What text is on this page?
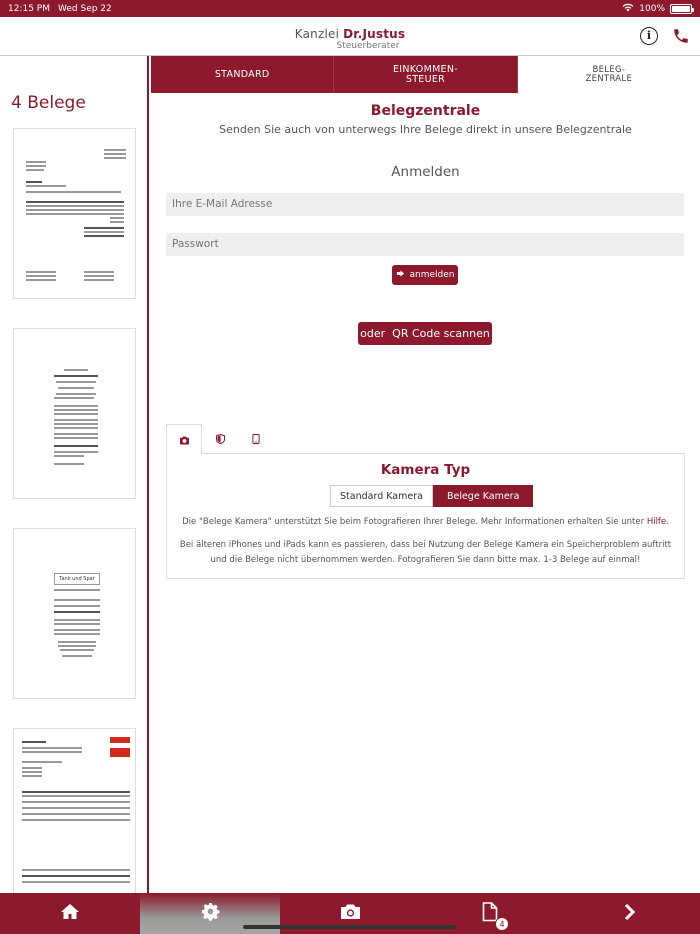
12:15 PM Wed Sep 22	100%
Kanzlei Dr.Justus
Steuerberater
i
4 Belege
Tank und Spar
STANDARD	EINKOMMEN-
STEUER
BELEG-
ZENTRALE
Belegzentrale
Senden Sie auch von unterwegs Ihre Belege direkt in unsere Belegzentrale
Anmelden
Ihre E-Mail Adresse
anmelden
oder  QR Code scannen
Kamera Typ
Standard Kamera	Belege Kamera
Die "Belege Kamera" unterstützt Sie beim Fotografieren Ihrer Belege. Mehr Informationen erhalten Sie unter Hilfe.
Bei älteren iPhones und iPads kann es passieren, dass bei Nutzung der Belege Kamera ein Speicherproblem auftritt und die Belege nicht übernommen werden. Fotografieren Sie dann bitte max. 1-3 Belege auf einmal!
4
